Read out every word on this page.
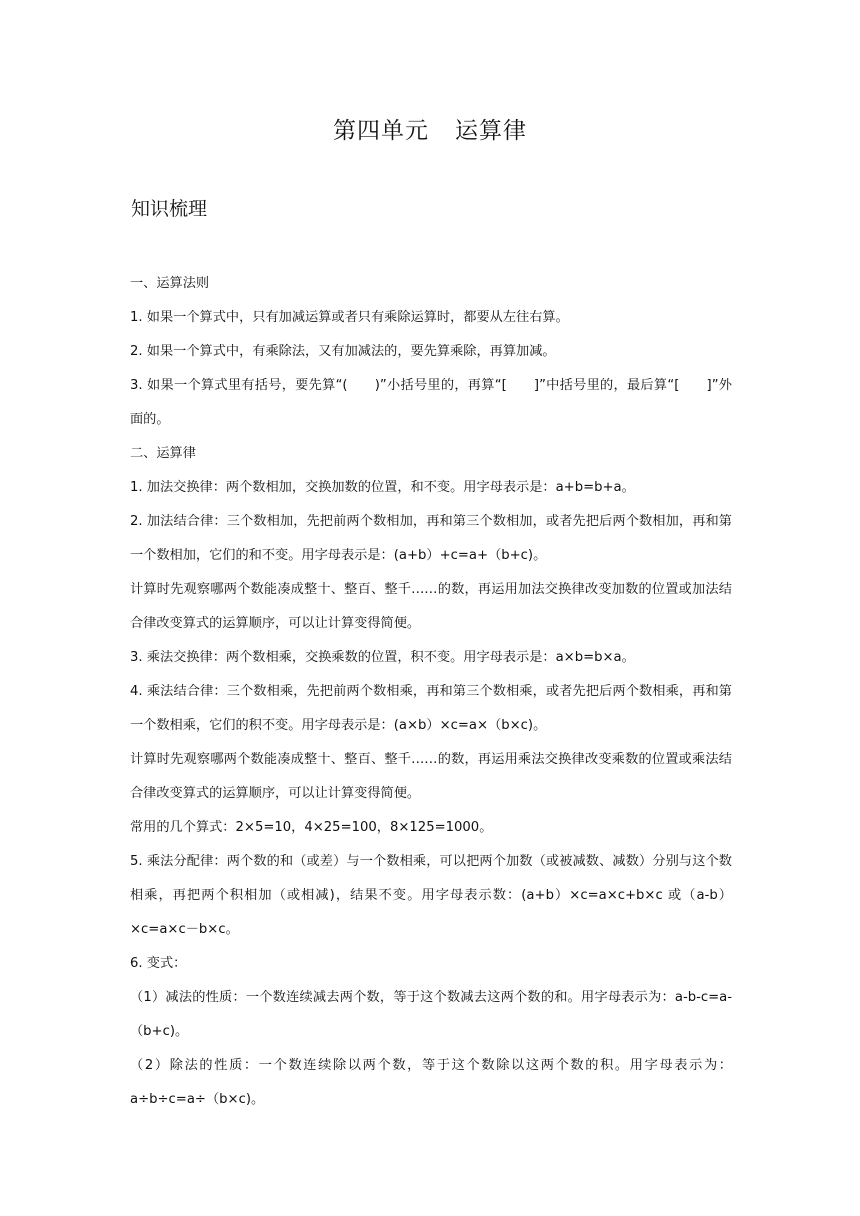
第四单元 运算律
知识梳理

一、运算法则

1. 如果一个算式中，只有加减运算或者只有乘除运算时，都要从左往右算。

2. 如果一个算式中，有乘除法，又有加减法的，要先算乘除，再算加减。

3. 如果一个算式里有括号，要先算“(　　)”小括号里的，再算“[　　]”中括号里的，最后算“[　　]”外面的。

二、运算律

1. 加法交换律：两个数相加，交换加数的位置，和不变。用字母表示是：a+b=b+a。

2. 加法结合律：三个数相加，先把前两个数相加，再和第三个数相加，或者先把后两个数相加，再和第一个数相加，它们的和不变。用字母表示是：(a+b）+c=a+（b+c)。

计算时先观察哪两个数能凑成整十、整百、整千……的数，再运用加法交换律改变加数的位置或加法结合律改变算式的运算顺序，可以让计算变得简便。

3. 乘法交换律：两个数相乘，交换乘数的位置，积不变。用字母表示是：a×b=b×a。

4. 乘法结合律：三个数相乘，先把前两个数相乘，再和第三个数相乘，或者先把后两个数相乘，再和第一个数相乘，它们的积不变。用字母表示是：(a×b）×c=a×（b×c)。

计算时先观察哪两个数能凑成整十、整百、整千……的数，再运用乘法交换律改变乘数的位置或乘法结合律改变算式的运算顺序，可以让计算变得简便。

常用的几个算式：2×5=10，4×25=100，8×125=1000。

5. 乘法分配律：两个数的和（或差）与一个数相乘，可以把两个加数（或被减数、减数）分别与这个数相乘，再把两个积相加（或相减)，结果不变。用字母表示数：(a+b）×c=a×c+b×c 或（a-b）×c=a×c－b×c。

6. 变式：

（1）减法的性质：一个数连续减去两个数，等于这个数减去这两个数的和。用字母表示为：a-b-c=a-（b+c)。

（2）除法的性质：一个数连续除以两个数，等于这个数除以这两个数的积。用字母表示为：a÷b÷c=a÷（b×c)。
